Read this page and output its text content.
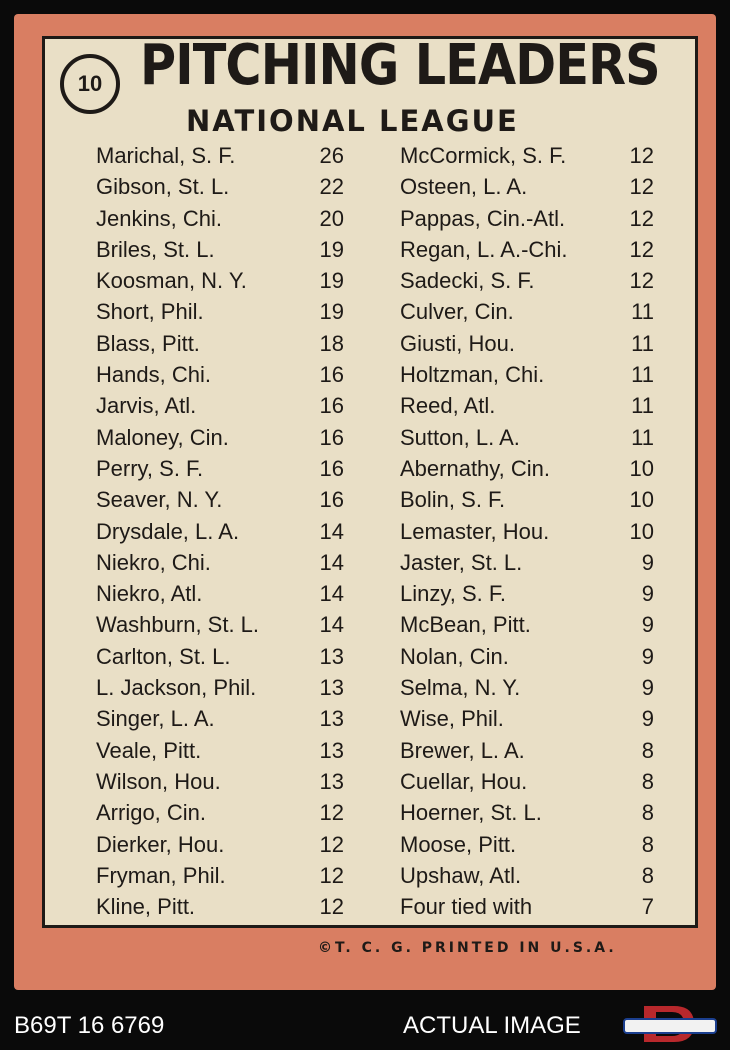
10 PITCHING LEADERS
NATIONAL LEAGUE
Marichal, S. F.	26
Gibson, St. L.	22
Jenkins, Chi.	20
Briles, St. L.	19
Koosman, N. Y.	19
Short, Phil.	19
Blass, Pitt.	18
Hands, Chi.	16
Jarvis, Atl.	16
Maloney, Cin.	16
Perry, S. F.	16
Seaver, N. Y.	16
Drysdale, L. A.	14
Niekro, Chi.	14
Niekro, Atl.	14
Washburn, St. L.	14
Carlton, St. L.	13
L. Jackson, Phil.	13
Singer, L. A.	13
Veale, Pitt.	13
Wilson, Hou.	13
Arrigo, Cin.	12
Dierker, Hou.	12
Fryman, Phil.	12
Kline, Pitt.	12
McCormick, S. F.	12
Osteen, L. A.	12
Pappas, Cin.-Atl.	12
Regan, L. A.-Chi.	12
Sadecki, S. F.	12
Culver, Cin.	11
Giusti, Hou.	11
Holtzman, Chi.	11
Reed, Atl.	11
Sutton, L. A.	11
Abernathy, Cin.	10
Bolin, S. F.	10
Lemaster, Hou.	10
Jaster, St. L.	9
Linzy, S. F.	9
McBean, Pitt.	9
Nolan, Cin.	9
Selma, N. Y.	9
Wise, Phil.	9
Brewer, L. A.	8
Cuellar, Hou.	8
Hoerner, St. L.	8
Moose, Pitt.	8
Upshaw, Atl.	8
Four tied with	7
©T. C. G. PRINTED IN U.S.A.
B69T 16 6769	ACTUAL IMAGE
